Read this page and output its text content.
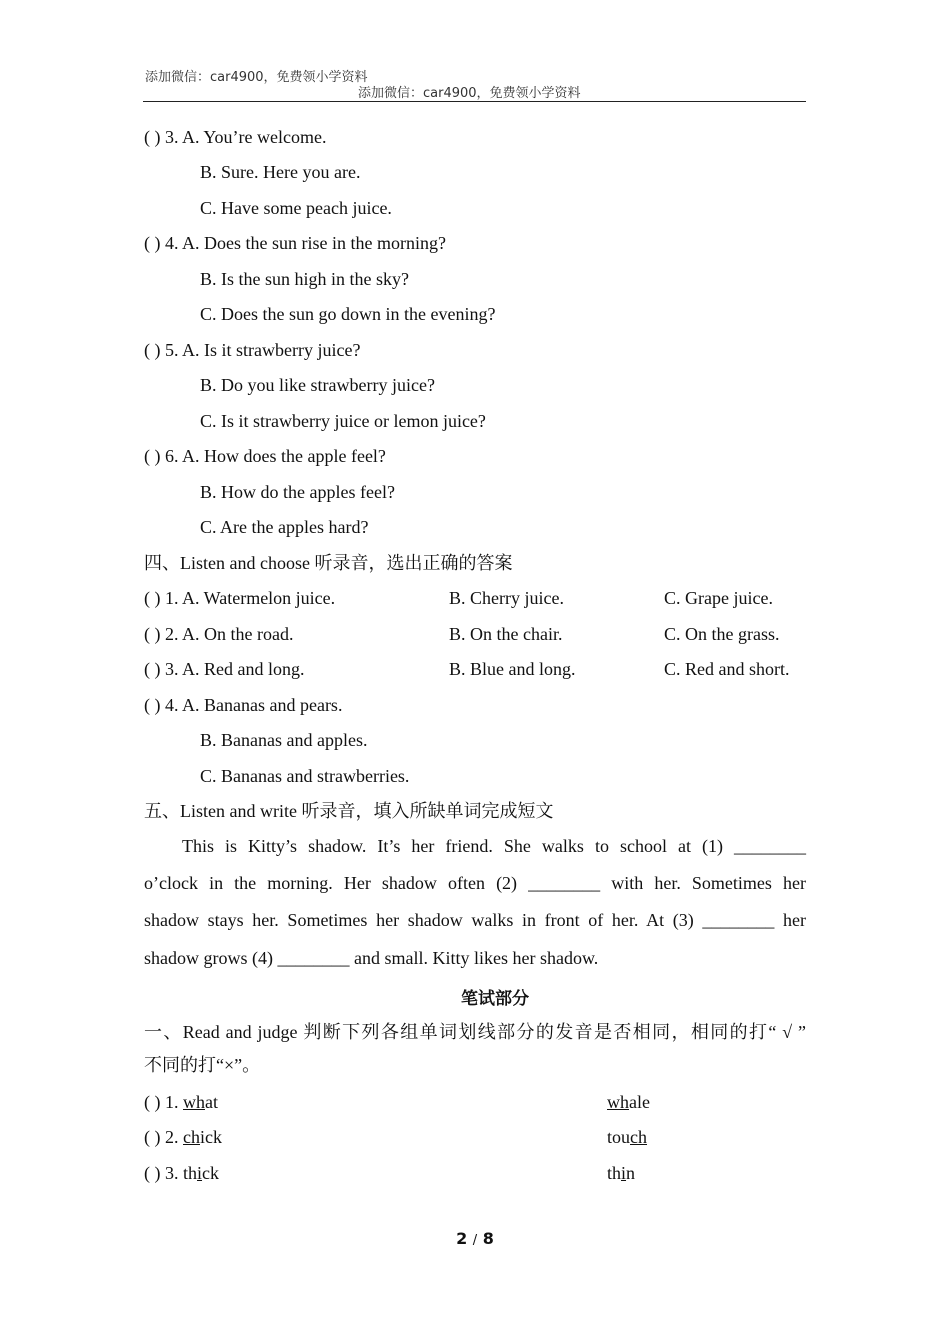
添加微信：car4900，免费领小学资料
添加微信：car4900，免费领小学资料
( ) 3. A. You’re welcome.
B. Sure. Here you are.
C. Have some peach juice.
( ) 4. A. Does the sun rise in the morning?
B. Is the sun high in the sky?
C. Does the sun go down in the evening?
( ) 5. A. Is it strawberry juice?
B. Do you like strawberry juice?
C. Is it strawberry juice or lemon juice?
( ) 6. A. How does the apple feel?
B. How do the apples feel?
C. Are the apples hard?
四、Listen and choose 听录音，选出正确的答案
( ) 1. A. Watermelon juice.	B. Cherry juice.	C. Grape juice.
( ) 2. A. On the road.	B. On the chair.	C. On the grass.
( ) 3. A. Red and long.	B. Blue and long.	C. Red and short.
( ) 4. A. Bananas and pears.
B. Bananas and apples.
C. Bananas and strawberries.
五、Listen and write 听录音，填入所缺单词完成短文
This is Kitty’s shadow. It’s her friend. She walks to school at (1) ________
o’clock in the morning. Her shadow often (2) ________ with her. Sometimes her
shadow stays her. Sometimes her shadow walks in front of her. At (3) ________ her
shadow grows (4) ________ and small. Kitty likes her shadow.
笔试部分
一、Read and judge 判断下列各组单词划线部分的发音是否相同，相同的打“ √ ”
不同的打“×”。
( ) 1. what	whale
( ) 2. chick	touch
( ) 3. thick	thin
2 / 8
